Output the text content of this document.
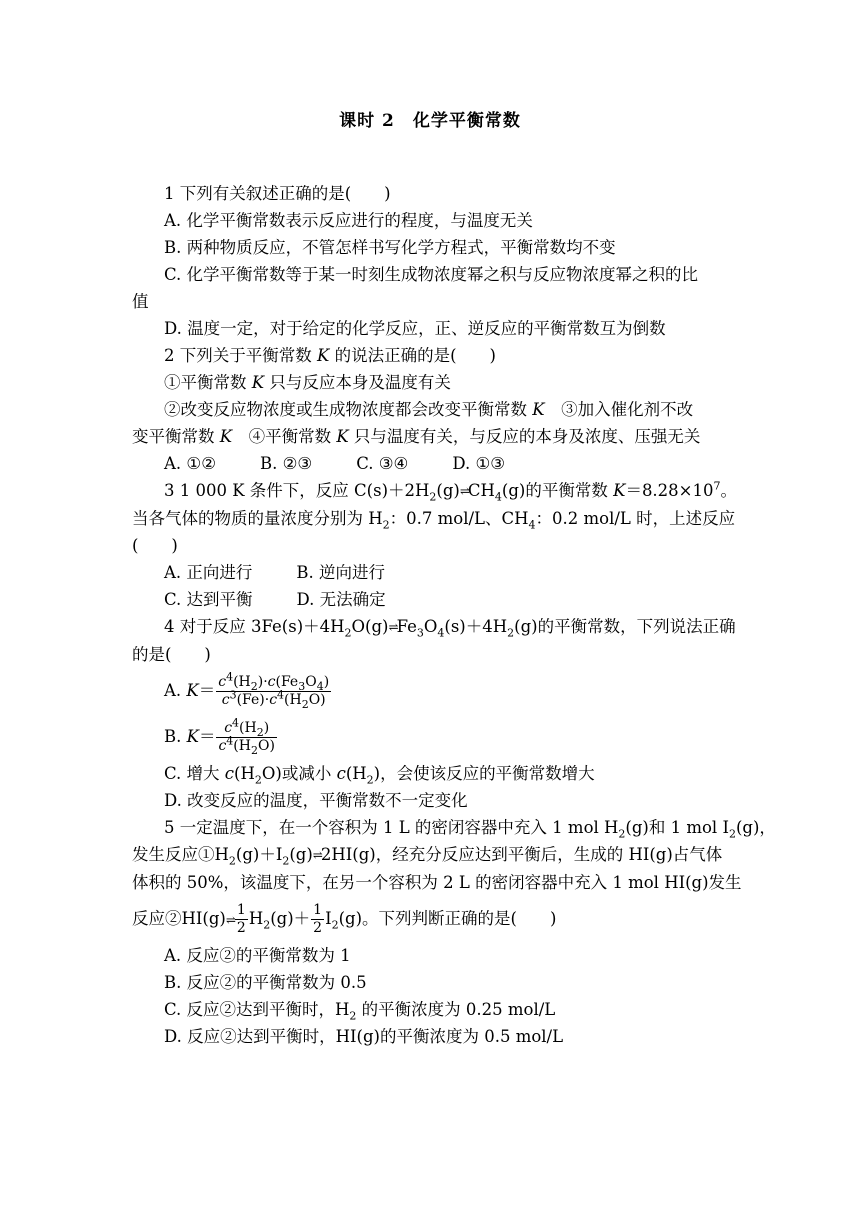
课时 2　化学平衡常数
1 下列有关叙述正确的是(　　)
A. 化学平衡常数表示反应进行的程度，与温度无关
B. 两种物质反应，不管怎样书写化学方程式，平衡常数均不变
C. 化学平衡常数等于某一时刻生成物浓度幂之积与反应物浓度幂之积的比
值
D. 温度一定，对于给定的化学反应，正、逆反应的平衡常数互为倒数
2 下列关于平衡常数 K 的说法正确的是(　　)
①平衡常数 K 只与反应本身及温度有关
②改变反应物浓度或生成物浓度都会改变平衡常数 K　③加入催化剂不改
变平衡常数 K　④平衡常数 K 只与温度有关，与反应的本身及浓度、压强无关
A. ①②	B. ②③	C. ③④	D. ①③
3 1 000 K 条件下，反应 $C(s)+2H_2(g)\rightleftharpoons CH_4(g)$的平衡常数 $K=8.28\times 10^7$。
当各气体的物质的量浓度分别为 $H_2$：0.7 mol/L、$CH_4$：0.2 mol/L 时，上述反应
(　　)
A. 正向进行	B. 逆向进行
C. 达到平衡	D. 无法确定
4 对于反应 $3Fe(s)+4H_2O(g)\rightleftharpoons Fe_3O_4(s)+4H_2(g)$的平衡常数，下列说法正确
的是(　　)
A. $K= \frac{c^4(H_2)\cdot c(Fe_3O_4)}{c^3(Fe)\cdot c^4(H_2O)}$
B. $K= \frac{c^4(H_2)}{c^4(H_2O)}$
C. 增大 $c(H_2O)$或减小 $c(H_2)$，会使该反应的平衡常数增大
D. 改变反应的温度，平衡常数不一定变化
5 一定温度下，在一个容积为 1 L 的密闭容器中充入 1 mol $H_2(g)$和 1 mol $I_2(g)$，
发生反应$①H_2(g)+I_2(g)\rightleftharpoons 2HI(g)$，经充分反应达到平衡后，生成的 HI(g)占气体
体积的 50%，该温度下，在另一个容积为 2 L 的密闭容器中充入 1 mol HI(g)发生
反应②HI(g)⇌ $\frac{1}{2} H_2(g)+ \frac{1}{2} I_2(g)$。下列判断正确的是(　　)
A. 反应②的平衡常数为 1
B. 反应②的平衡常数为 0.5
C. 反应②达到平衡时，$H_2$ 的平衡浓度为 0.25 mol/L
D. 反应②达到平衡时，HI(g)的平衡浓度为 0.5 mol/L
